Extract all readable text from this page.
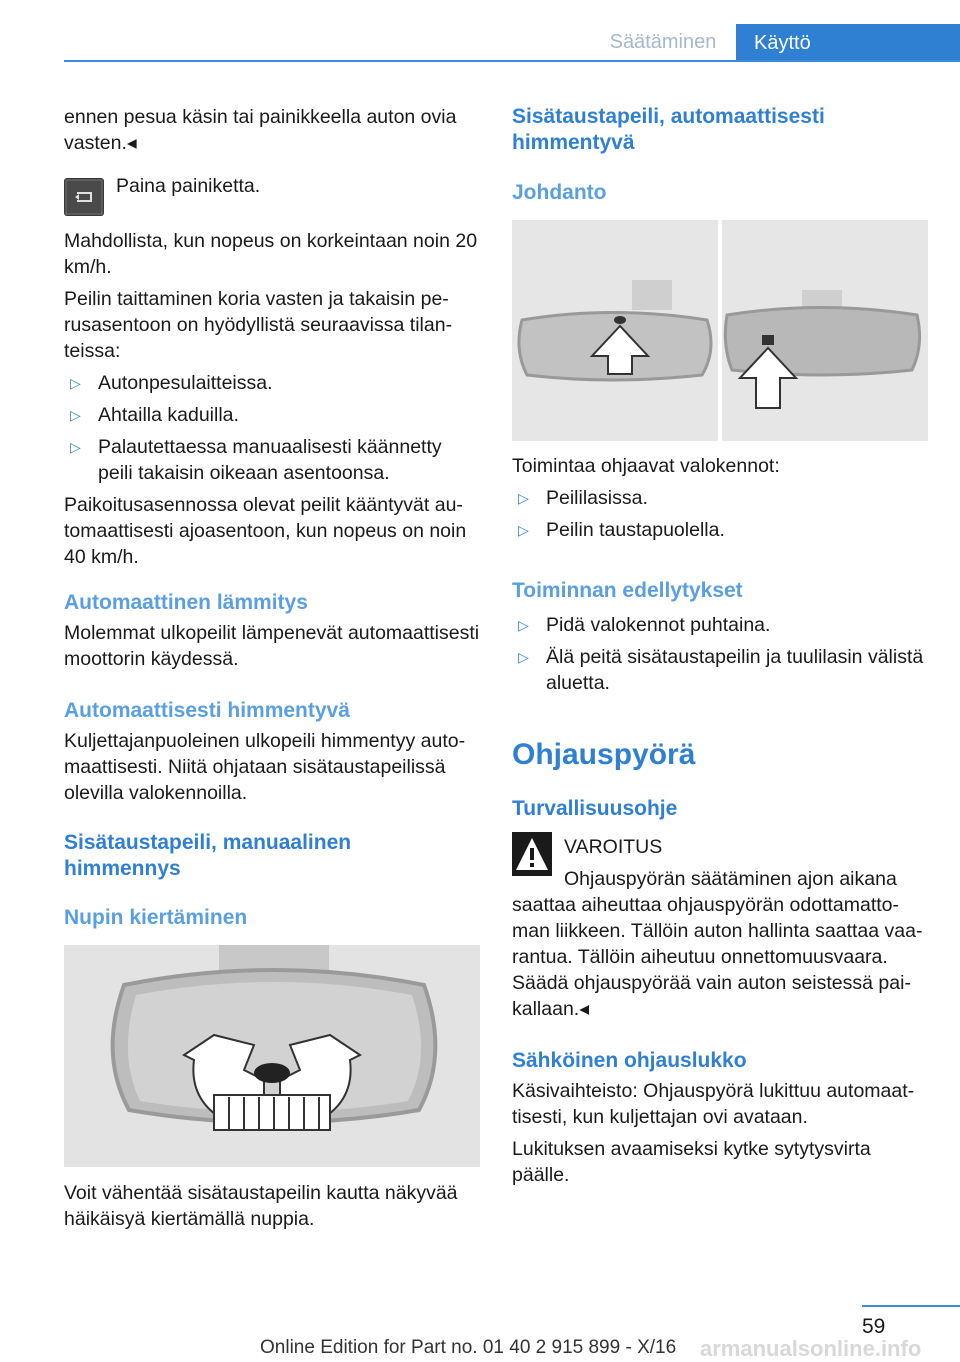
Säätäminen	Käyttö

ennen pesua käsin tai painikkeella auton ovia vasten.◂

Paina painiketta.

Mahdollista, kun nopeus on korkeintaan noin 20 km/h.

Peilin taittaminen koria vasten ja takaisin perusasentoon on hyödyllistä seuraavissa tilanteissa:

▷ Autonpesulaitteissa.
▷ Ahtailla kaduilla.
▷ Palautettaessa manuaalisesti käännetty peili takaisin oikeaan asentoonsa.

Paikoitusasennossa olevat peilit kääntyvät automaattisesti ajoasentoon, kun nopeus on noin 40 km/h.

Automaattinen lämmitys
Molemmat ulkopeilit lämpenevät automaattisesti moottorin käydessä.
Automaattisesti himmentyvä
Kuljettajanpuoleinen ulkopeili himmentyy automaattisesti. Niitä ohjataan sisätaustapeilissä olevilla valokennoilla.
Sisätaustapeili, manuaalinen himmennys
Nupin kiertäminen
Voit vähentää sisätaustapeilin kautta näkyvää häikäisyä kiertämällä nuppia.
Sisätaustapeili, automaattisesti himmentyvä
Johdanto

Toimintaa ohjaavat valokennot:

▷ Peililasissa.
▷ Peilin taustapuolella.
Toiminnan edellytykset
▷ Pidä valokennot puhtaina.
▷ Älä peitä sisätaustapeilin ja tuulilasin välistä aluetta.
Ohjauspyörä
Turvallisuusohje
VAROITUS
Ohjauspyörän säätäminen ajon aikana
saattaa aiheuttaa ohjauspyörän odottamattoman liikkeen. Tällöin auton hallinta saattaa vaarantua. Tällöin aiheutuu onnettomuusvaara. Säädä ohjauspyörää vain auton seistessä paikallaan.◂
Sähköinen ohjauslukko

Käsivaihteisto: Ohjauspyörä lukittuu automaattisesti, kun kuljettajan ovi avataan.

Lukituksen avaamiseksi kytke sytytysvirta päälle.

59
Online Edition for Part no. 01 40 2 915 899 - X/16 armanualsonline.info
